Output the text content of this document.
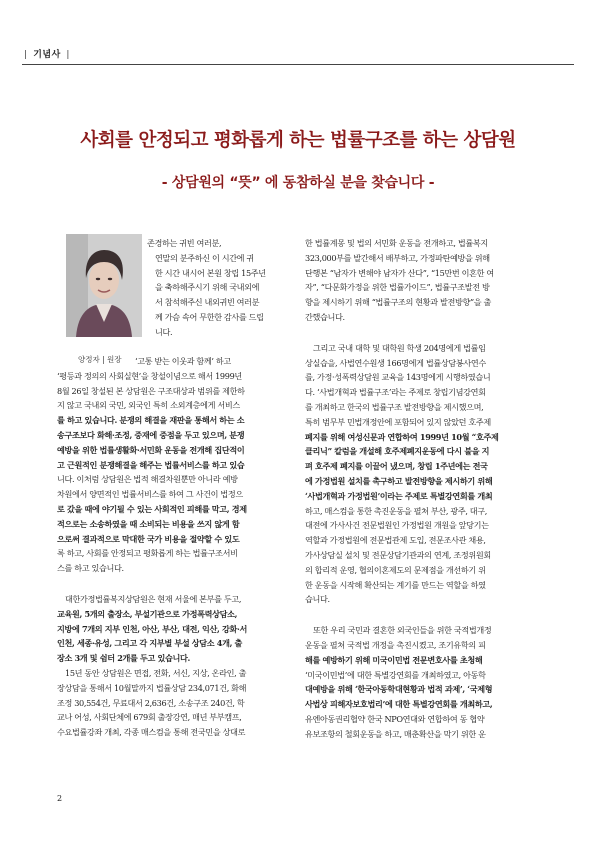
| 기념사 |
사회를 안정되고 평화롭게 하는 법률구조를 하는 상담원
- 상담원의 “뜻” 에 동참하실 분을 찾습니다 -
양정자 | 원장
존경하는 귀빈 여러분,
연말의 분주하신 이 시간에 귀
한 시간 내시어 본원 창립 15주년
을 축하해주시기 위해 국내외에
서 참석해주신 내외귀빈 여러분
께 가슴 속어 무한한 감사를 드립
니다.
‘고통 받는 이웃과 함께’ 하고
‘평등과 정의의 사회실현’을 창설이념으로 해서 1999년
8월 26일 창설된 본 상담원은 구조대상과 범위를 제한하
지 않고 국내외 국민, 외국인 특히 소외계층에게 서비스
를 하고 있습니다. 분쟁의 해결을 재판을 통해서 하는 소
송구조보다 화해·조정, 중재에 중점을 두고 있으며, 분쟁
예방을 위한 법률생활화·서민화 운동을 전개해 집단적이
고 근원적인 분쟁해결을 해주는 법률서비스를 하고 있습
니다. 이처럼 상담원은 법적 해결차원뿐만 아니라 예방
차원에서 양면적인 법률서비스를 하여 그 사건이 법정으
로 갔을 때에 야기될 수 있는 사회적인 피해를 막고, 경제
적으로는 소송하였을 때 소비되는 비용을 쓰지 않게 함
으로써 결과적으로 막대한 국가 비용을 절약할 수 있도
록 하고, 사회를 안정되고 평화롭게 하는 법률구조서비
스를 하고 있습니다.
대한가정법률복지상담원은 현재 서울에 본부를 두고,
교육원, 5개의 출장소, 부설기관으로 가정폭력상담소,
지방에 7개의 지부 인천, 아산, 부산, 대전, 익산, 강화·서
인천, 세종·유성, 그리고 각 지부별 부설 상담소 4개, 출
장소 3개 및 쉼터 2개를 두고 있습니다.
15년 동안 상담원은 면접, 전화, 서신, 지상, 온라인, 출
장상담을 통해서 10월말까지 법률상담 234,071건, 화해
조정 30,554건, 무료대서 2,636건, 소송구조 240건, 학
교나 어성, 사회단체에 679회 출장강연, 매년 부부캠프,
수요법률강좌 개최, 각종 매스컴을 통해 전국민을 상대로
한 법률계몽 및 법의 서민화 운동을 전개하고, 법률복지
323,000부를 발간해서 배부하고, 가정파탄예방을 위해
단행본 “남자가 변해야 남자가 산다”, “15만번 이혼한 여
자”, “다문화가정을 위한 법률가이드”, 법률구조발전 방
향을 제시하기 위해 “법률구조의 현황과 발전방향”을 출
간했습니다.
그리고 국내 대학 및 대학원 학생 204명에게 법률임
상실습을, 사법연수원생 166명에게 법률상담봉사연수
를, 가정·성폭력상담원 교육을 143명에게 시행하였습니
다. ‘사법개혁과 법률구조’라는 주제로 창립기념강연회
를 개최하고 한국의 법률구조 발전방향을 제시했으며,
특히 범무부 민법개정안에 포함되어 있지 않았던 호주제
폐지를 위해 여성신문과 연합하여 1999년 10월 “호주제
클리닉” 칼럼을 개설해 호주제폐지운동에 다시 불을 지
펴 호주제 폐지를 이끌어 냈으며, 창립 1주년에는 전국
에 가정법원 설치를 촉구하고 발전방향을 제시하기 위해
‘사법개혁과 가정법원’이라는 주제로 특별강연회를 개최
하고, 매스컴을 통한 촉진운동을 펼쳐 부산, 광주, 대구,
대전에 가사사건 전문법원인 가정법원 개원을 앞당기는
역할과 가정법원에 전문법관제 도입, 전문조사관 채용,
가사상담실 설치 및 전문상담기관과의 연계, 조정위원회
의 합리적 운영, 협의이혼제도의 문제점을 개선하기 위
한 운동을 시작해 확산되는 계기를 만드는 역할을 하였
습니다.
또한 우리 국민과 결혼한 외국인들을 위한 국적법개정
운동을 펼쳐 국적법 개정을 촉진시켰고, 조기유학의 피
해를 예방하기 위해 미국이민법 전문변호사를 초청해
‘미국이민법’에 대한 특별강연회를 개최하였고, 아동학
대예방을 위해 ‘한국아동학대현황과 법적 과제’, ‘국제형
사법상 피해자보호법리’에 대한 특별강연회를 개최하고,
유엔아동권리협약 한국 NPO연대와 연합하여 동 협약
유보조항의 철회운동을 하고, 매춘확산을 막기 위한 운
2
